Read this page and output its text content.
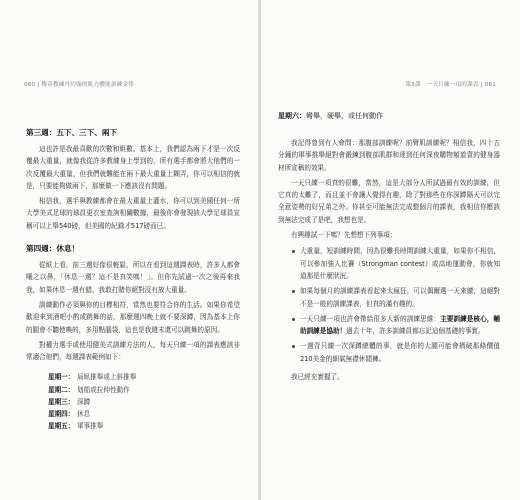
060 | 傳奇教練丹約翰的肌力體能訓練金律
第三週：五下、三下、兩下

這也許是我最喜歡的次數和組數。基本上，我們認為兩下才是一次反覆最大重量，就像我從許多教練身上學到的，所有選手都會將大他們的一次反覆最大重量，但我們就難能在兩下最大重量上糊弄，你可以相信的就是，只要能夠做兩下，那麼做一下應該沒有問題。

相信我，選手與教練都會在最大重量上灌水，你可以到美國任何一所大學美式足球的球員更衣室查詢相關數據，最後你會發現該大學足球員宣稱可以上舉540磅，但美國的紀錄才517磅而已。

第四週：休息！

從紙上看，前三週好像很輕鬆，所以在看到這週課表時，許多人都會嚷之以鼻，「休息一週？這不是真笑嗎！」。但你先試過一次之後再來我我，如果休息一週有錯，我敢打賭你絕對沒有放大重量。

訓練動作必須與你的目標相符，當然也要符合你的生活。如果你希望歡迎來到酒吧小酌或跳舞的話，那麼週四晚上就不要深蹲，因為基本上你的腿會不聽使喚的，多用點腦袋，這也是我週末還可以跳舞的原因。

對權力選手或使用健美式訓練方法的人，每天只練一項的課表應該非常適合他們，每週課表範例如下：

星期一： 局臥推舉或上斜推舉
星期二： 划船或拉伸性動作
星期三： 深蹲
星期四： 休息
星期五： 軍事推舉
第3課　一天只練一項的課表 | 061
星期六：彎舉，硬舉，或任何動作

我記得曾到有人會問：那腹部訓練呢？前臂肌訓練呢？相信我，四十五分鐘的軍事推舉絕對會鍛鍊到腹部肌群和達到任何深夜購物頻道賣的健身器材所宣稱的效果。

一天只練一項真的很難，當然，這是大部分人所試過最有效的訓練，但它真的太難了，而且並不會讓人覺得有趣，除了對那些在你深蹲隔天可以完全意姿勢的好兄弟之外。你甚至可能無法完成整個月的課表，我相信你應該到無法完成了是吧，我想也是。

有興趣試一下嗎？先想想下列事項：

大重量，短訓練時間，因為很難長時間訓練大重量，如果你不相信，可以參加強人比賽（Strongman contest）或高地運動會，你就知道那是什麼狀況。
如果每個月的訓練課表看起來太瘋狂，可以偶爾選一天來練，這絕對不是一般的訓練課表，但真的滿有趣的。
一天只練一項也許會帶給很多人新的訓練思維：主要訓練是核心，輔助訓練是協助！過去十年，許多訓練員都忘記這個基礎的事實。
一週背只練一次深蹲總體的事，就是你的大腿可能會擠破那條價值210美金的細氣無襟休閒褲。

我已經充實握了。
